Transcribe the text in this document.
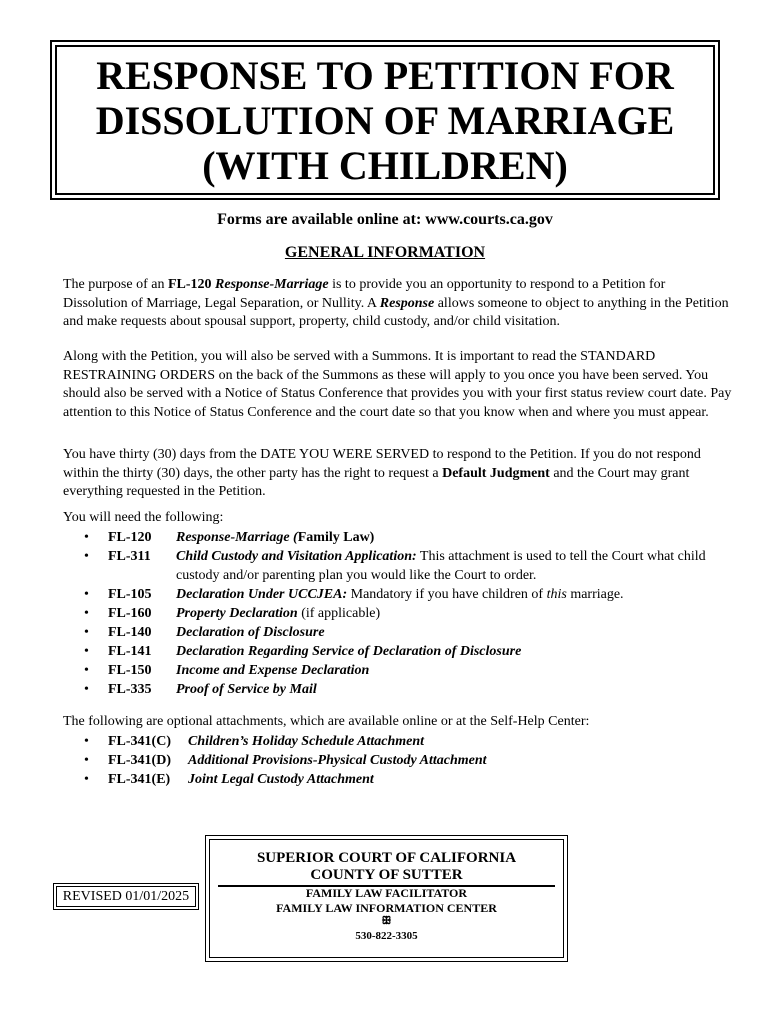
RESPONSE TO PETITION FOR
DISSOLUTION OF MARRIAGE
(WITH CHILDREN)
Forms are available online at: www.courts.ca.gov
GENERAL INFORMATION
The purpose of an FL-120 Response-Marriage is to provide you an opportunity to respond to a Petition for Dissolution of Marriage, Legal Separation, or Nullity. A Response allows someone to object to anything in the Petition and make requests about spousal support, property, child custody, and/or child visitation.
Along with the Petition, you will also be served with a Summons. It is important to read the STANDARD RESTRAINING ORDERS on the back of the Summons as these will apply to you once you have been served. You should also be served with a Notice of Status Conference that provides you with your first status review court date. Pay attention to this Notice of Status Conference and the court date so that you know when and where you must appear.
You have thirty (30) days from the DATE YOU WERE SERVED to respond to the Petition. If you do not respond within the thirty (30) days, the other party has the right to request a Default Judgment and the Court may grant everything requested in the Petition.
You will need the following:
• FL-120 Response-Marriage (Family Law)
• FL-311 Child Custody and Visitation Application: This attachment is used to tell the Court what child custody and/or parenting plan you would like the Court to order.
• FL-105 Declaration Under UCCJEA: Mandatory if you have children of this marriage.
• FL-160 Property Declaration (if applicable)
• FL-140 Declaration of Disclosure
• FL-141 Declaration Regarding Service of Declaration of Disclosure
• FL-150 Income and Expense Declaration
• FL-335 Proof of Service by Mail
The following are optional attachments, which are available online or at the Self-Help Center:
• FL-341(C) Children’s Holiday Schedule Attachment
• FL-341(D) Additional Provisions-Physical Custody Attachment
• FL-341(E) Joint Legal Custody Attachment
REVISED 01/01/2025
SUPERIOR COURT OF CALIFORNIA
COUNTY OF SUTTER
FAMILY LAW FACILITATOR
FAMILY LAW INFORMATION CENTER
ꕥ
530-822-3305
